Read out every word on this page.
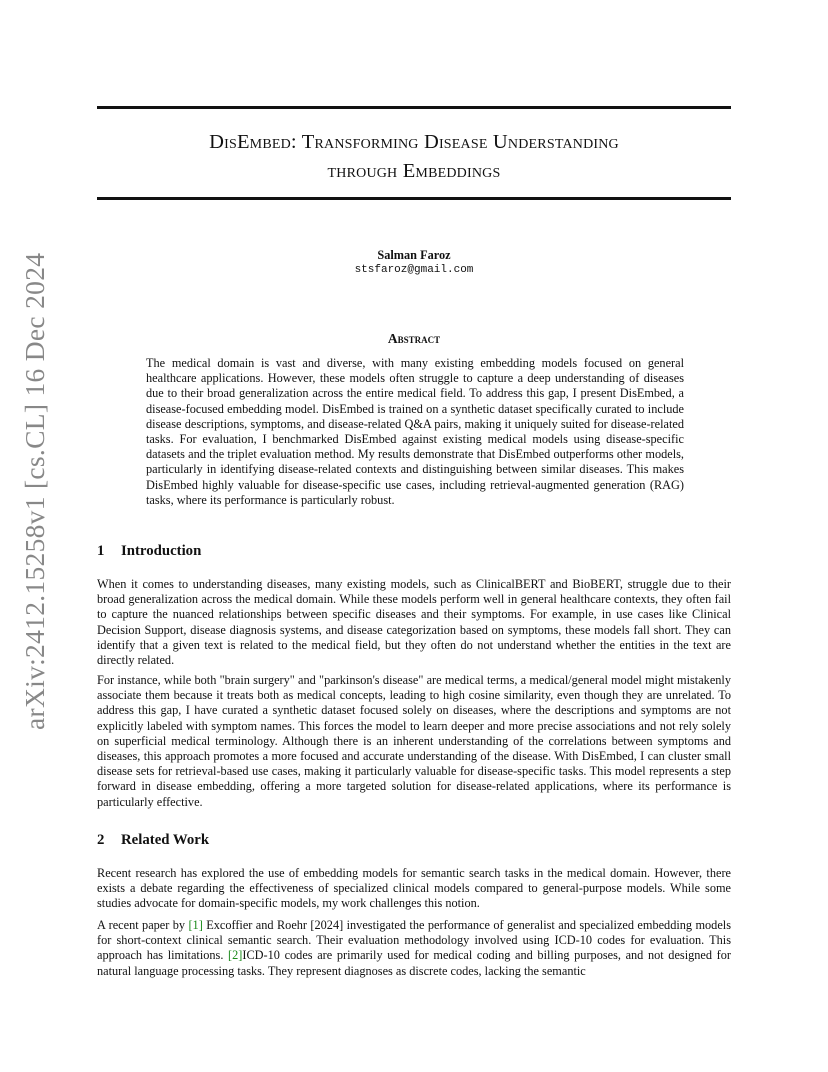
arXiv:2412.15258v1 [cs.CL] 16 Dec 2024
DisEmbed: Transforming Disease Understanding
through Embeddings
Salman Faroz
stsfaroz@gmail.com
Abstract
The medical domain is vast and diverse, with many existing embedding models focused on general healthcare applications. However, these models often struggle to capture a deep understanding of diseases due to their broad generalization across the entire medical field. To address this gap, I present DisEmbed, a disease-focused embedding model. DisEmbed is trained on a synthetic dataset specifically curated to include disease descriptions, symptoms, and disease-related Q&A pairs, making it uniquely suited for disease-related tasks. For evaluation, I benchmarked DisEmbed against existing medical models using disease-specific datasets and the triplet evaluation method. My results demonstrate that DisEmbed outperforms other models, particularly in identifying disease-related contexts and distinguishing between similar diseases. This makes DisEmbed highly valuable for disease-specific use cases, including retrieval-augmented generation (RAG) tasks, where its performance is particularly robust.
1 Introduction

When it comes to understanding diseases, many existing models, such as ClinicalBERT and BioBERT, struggle due to their broad generalization across the medical domain. While these models perform well in general healthcare contexts, they often fail to capture the nuanced relationships between specific diseases and their symptoms. For example, in use cases like Clinical Decision Support, disease diagnosis systems, and disease categorization based on symptoms, these models fall short. They can identify that a given text is related to the medical field, but they often do not understand whether the entities in the text are directly related.

For instance, while both "brain surgery" and "parkinson's disease" are medical terms, a medical/general model might mistakenly associate them because it treats both as medical concepts, leading to high cosine similarity, even though they are unrelated. To address this gap, I have curated a synthetic dataset focused solely on diseases, where the descriptions and symptoms are not explicitly labeled with symptom names. This forces the model to learn deeper and more precise associations and not rely solely on superficial medical terminology. Although there is an inherent understanding of the correlations between symptoms and diseases, this approach promotes a more focused and accurate understanding of the disease. With DisEmbed, I can cluster small disease sets for retrieval-based use cases, making it particularly valuable for disease-specific tasks. This model represents a step forward in disease embedding, offering a more targeted solution for disease-related applications, where its performance is particularly effective.

2 Related Work

Recent research has explored the use of embedding models for semantic search tasks in the medical domain. However, there exists a debate regarding the effectiveness of specialized clinical models compared to general-purpose models. While some studies advocate for domain-specific models, my work challenges this notion.

A recent paper by [1] Excoffier and Roehr [2024] investigated the performance of generalist and specialized embedding models for short-context clinical semantic search. Their evaluation methodology involved using ICD-10 codes for evaluation. This approach has limitations. [2]ICD-10 codes are primarily used for medical coding and billing purposes, and not designed for natural language processing tasks. They represent diagnoses as discrete codes, lacking the semantic
